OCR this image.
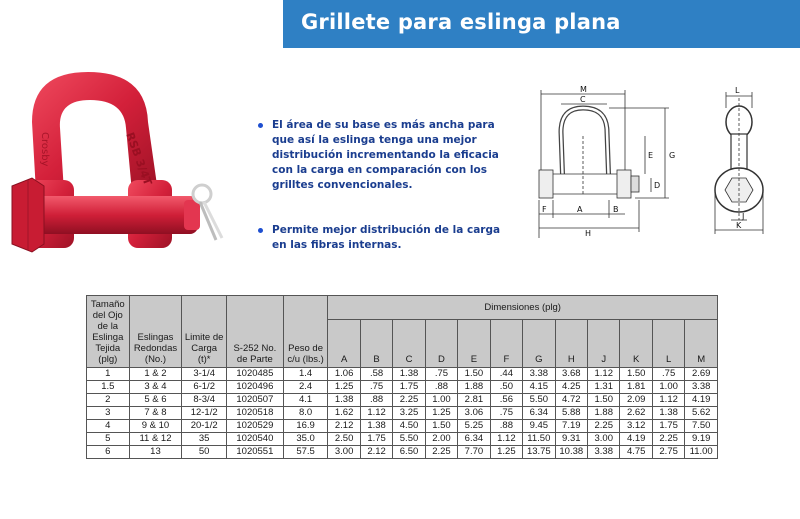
Grillete para eslinga plana
RSB 3/4T
Crosby
El área de su base es más ancha para que así la eslinga tenga una mejor distribución incrementando la eficacia con la carga en comparación con los grilltes convencionales.
Permite mejor distribución de la carga en las fibras internas.
M
C
G
E
D
F	A	B
H
L
J
K
Tamaño del Ojo de la Eslinga Tejida (plg)	Eslingas Redondas (No.)	Limite de Carga (t)*	S-252 No. de Parte	Peso de c/u (lbs.)	Dimensiones (plg)											
					A	B	C	D	E	F	G	H	J	K	L	M
1	1 & 2	3-1/4	1020485	1.4	1.06	.58	1.38	.75	1.50	.44	3.38	3.68	1.12	1.50	.75	2.69
1.5	3 & 4	6-1/2	1020496	2.4	1.25	.75	1.75	.88	1.88	.50	4.15	4.25	1.31	1.81	1.00	3.38
2	5 & 6	8-3/4	1020507	4.1	1.38	.88	2.25	1.00	2.81	.56	5.50	4.72	1.50	2.09	1.12	4.19
3	7 & 8	12-1/2	1020518	8.0	1.62	1.12	3.25	1.25	3.06	.75	6.34	5.88	1.88	2.62	1.38	5.62
4	9 & 10	20-1/2	1020529	16.9	2.12	1.38	4.50	1.50	5.25	.88	9.45	7.19	2.25	3.12	1.75	7.50
5	11 & 12	35	1020540	35.0	2.50	1.75	5.50	2.00	6.34	1.12	11.50	9.31	3.00	4.19	2.25	9.19
6	13	50	1020551	57.5	3.00	2.12	6.50	2.25	7.70	1.25	13.75	10.38	3.38	4.75	2.75	11.00
